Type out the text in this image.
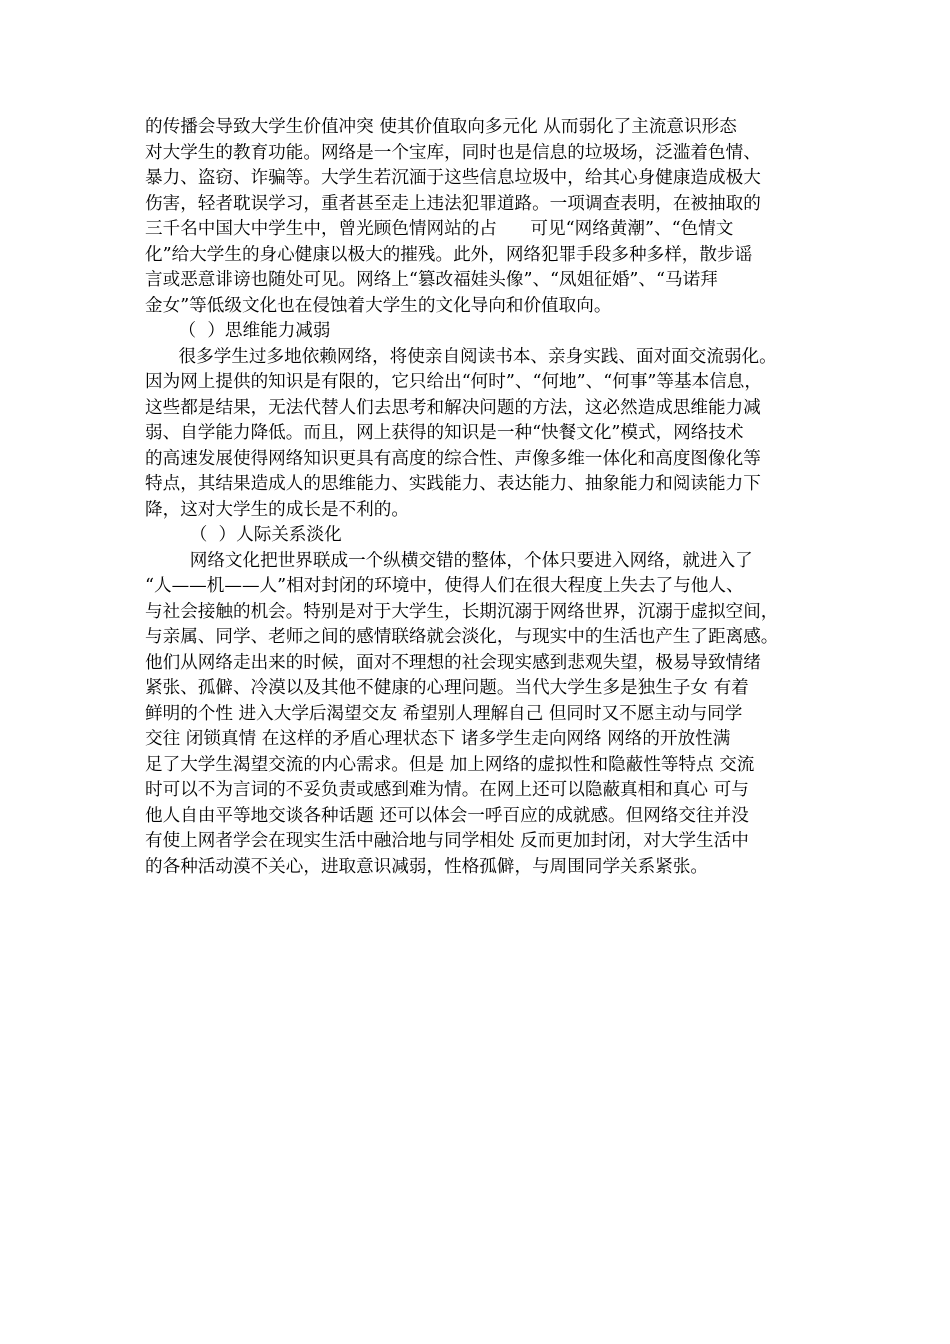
的传播会导致大学生价值冲突 使其价值取向多元化 从而弱化了主流意识形态
对大学生的教育功能。网络是一个宝库，同时也是信息的垃圾场，泛滥着色情、
暴力、盗窃、诈骗等。大学生若沉湎于这些信息垃圾中，给其心身健康造成极大
伤害，轻者耽误学习，重者甚至走上违法犯罪道路。一项调查表明，在被抽取的
三千名中国大中学生中，曾光顾色情网站的占      可见“网络黄潮”、“色情文
化”给大学生的身心健康以极大的摧残。此外，网络犯罪手段多种多样，散步谣
言或恶意诽谤也随处可见。网络上“篡改福娃头像”、“凤姐征婚”、“马诺拜
金女”等低级文化也在侵蚀着大学生的文化导向和价值取向。
（  ）思维能力减弱
很多学生过多地依赖网络，将使亲自阅读书本、亲身实践、面对面交流弱化。
因为网上提供的知识是有限的，它只给出“何时”、“何地”、“何事”等基本信息，
这些都是结果，无法代替人们去思考和解决问题的方法，这必然造成思维能力减
弱、自学能力降低。而且，网上获得的知识是一种“快餐文化”模式，网络技术
的高速发展使得网络知识更具有高度的综合性、声像多维一体化和高度图像化等
特点，其结果造成人的思维能力、实践能力、表达能力、抽象能力和阅读能力下
降，这对大学生的成长是不利的。
（  ）人际关系淡化
网络文化把世界联成一个纵横交错的整体，个体只要进入网络，就进入了
“人——机——人”相对封闭的环境中，使得人们在很大程度上失去了与他人、
与社会接触的机会。特别是对于大学生，长期沉溺于网络世界，沉溺于虚拟空间，
与亲属、同学、老师之间的感情联络就会淡化，与现实中的生活也产生了距离感。
他们从网络走出来的时候，面对不理想的社会现实感到悲观失望，极易导致情绪
紧张、孤僻、冷漠以及其他不健康的心理问题。当代大学生多是独生子女 有着
鲜明的个性 进入大学后渴望交友 希望别人理解自己 但同时又不愿主动与同学
交往 闭锁真情 在这样的矛盾心理状态下 诸多学生走向网络 网络的开放性满
足了大学生渴望交流的内心需求。但是 加上网络的虚拟性和隐蔽性等特点 交流
时可以不为言词的不妥负责或感到难为情。在网上还可以隐蔽真相和真心 可与
他人自由平等地交谈各种话题 还可以体会一呼百应的成就感。但网络交往并没
有使上网者学会在现实生活中融洽地与同学相处 反而更加封闭，对大学生活中
的各种活动漠不关心，进取意识减弱，性格孤僻，与周围同学关系紧张。
